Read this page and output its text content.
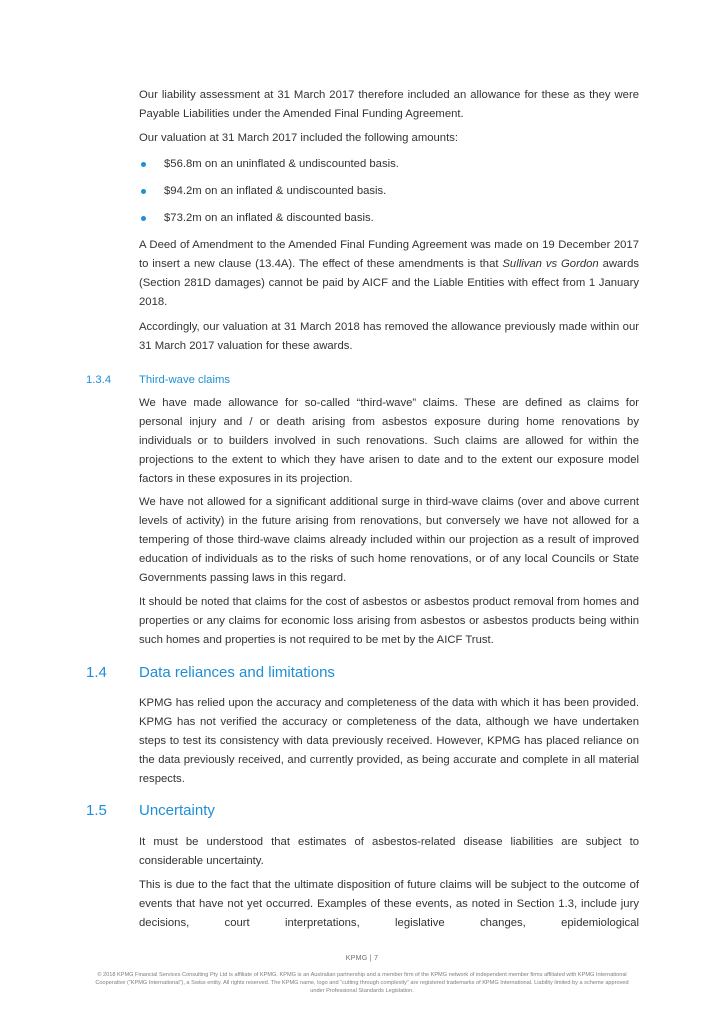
Our liability assessment at 31 March 2017 therefore included an allowance for these as they were Payable Liabilities under the Amended Final Funding Agreement.

Our valuation at 31 March 2017 included the following amounts:

$56.8m on an uninflated & undiscounted basis.
$94.2m on an inflated & undiscounted basis.
$73.2m on an inflated & discounted basis.

A Deed of Amendment to the Amended Final Funding Agreement was made on 19 December 2017 to insert a new clause (13.4A). The effect of these amendments is that Sullivan vs Gordon awards (Section 281D damages) cannot be paid by AICF and the Liable Entities with effect from 1 January 2018.

Accordingly, our valuation at 31 March 2018 has removed the allowance previously made within our 31 March 2017 valuation for these awards.

1.3.4 Third-wave claims

We have made allowance for so-called “third-wave” claims. These are defined as claims for personal injury and / or death arising from asbestos exposure during home renovations by individuals or to builders involved in such renovations. Such claims are allowed for within the projections to the extent to which they have arisen to date and to the extent our exposure model factors in these exposures in its projection.

We have not allowed for a significant additional surge in third-wave claims (over and above current levels of activity) in the future arising from renovations, but conversely we have not allowed for a tempering of those third-wave claims already included within our projection as a result of improved education of individuals as to the risks of such home renovations, or of any local Councils or State Governments passing laws in this regard.

It should be noted that claims for the cost of asbestos or asbestos product removal from homes and properties or any claims for economic loss arising from asbestos or asbestos products being within such homes and properties is not required to be met by the AICF Trust.

1.4 Data reliances and limitations

KPMG has relied upon the accuracy and completeness of the data with which it has been provided. KPMG has not verified the accuracy or completeness of the data, although we have undertaken steps to test its consistency with data previously received. However, KPMG has placed reliance on the data previously received, and currently provided, as being accurate and complete in all material respects.

1.5 Uncertainty

It must be understood that estimates of asbestos-related disease liabilities are subject to considerable uncertainty.

This is due to the fact that the ultimate disposition of future claims will be subject to the outcome of events that have not yet occurred. Examples of these events, as noted in Section 1.3, include jury decisions, court interpretations, legislative changes, epidemiological

KPMG | 7
© 2018 KPMG Financial Services Consulting Pty Ltd is affiliate of KPMG. KPMG is an Australian partnership and a member firm of the KPMG network of independent member firms affiliated with KPMG International Cooperative (“KPMG International”), a Swiss entity. All rights reserved. The KPMG name, logo and “cutting through complexity” are registered trademarks of KPMG International. Liability limited by a scheme approved under Professional Standards Legislation.
